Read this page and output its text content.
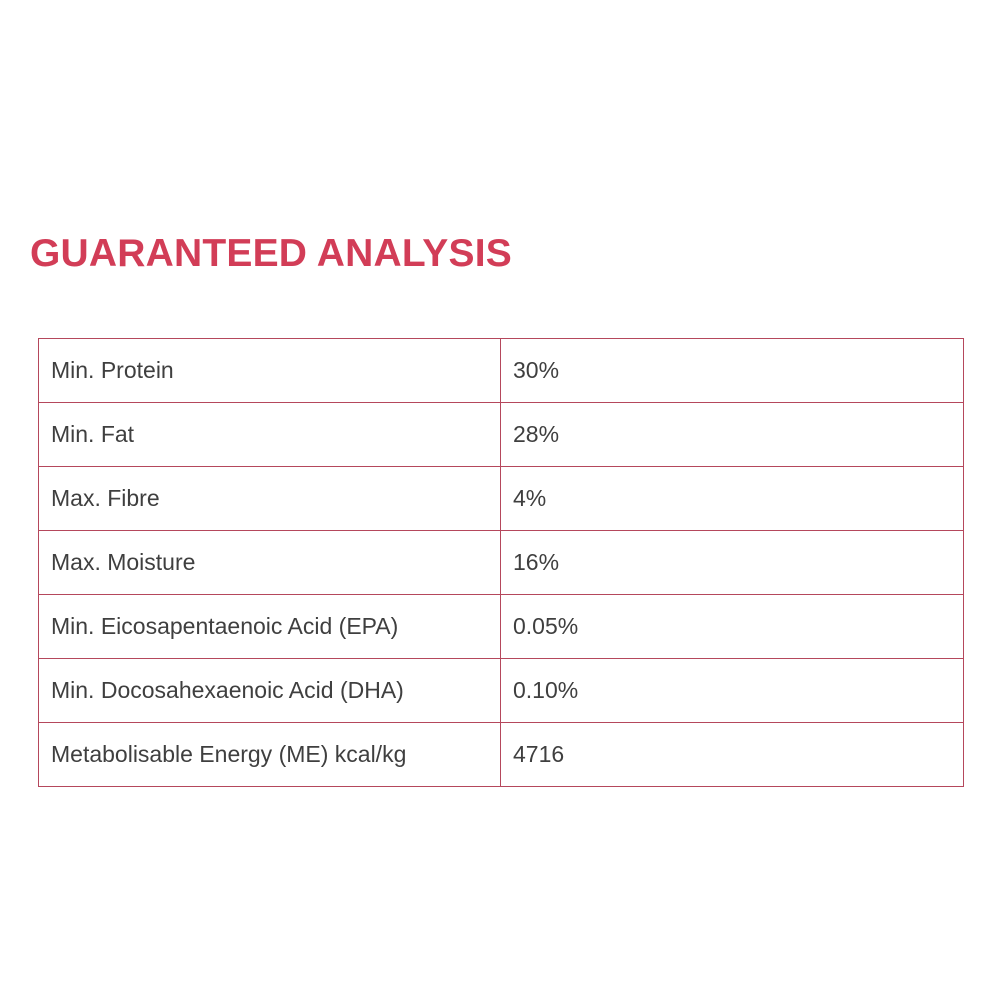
GUARANTEED ANALYSIS
Min. Protein	30%
Min. Fat	28%
Max. Fibre	4%
Max. Moisture	16%
Min. Eicosapentaenoic Acid (EPA)	0.05%
Min. Docosahexaenoic Acid (DHA)	0.10%
Metabolisable Energy (ME) kcal/kg	4716
